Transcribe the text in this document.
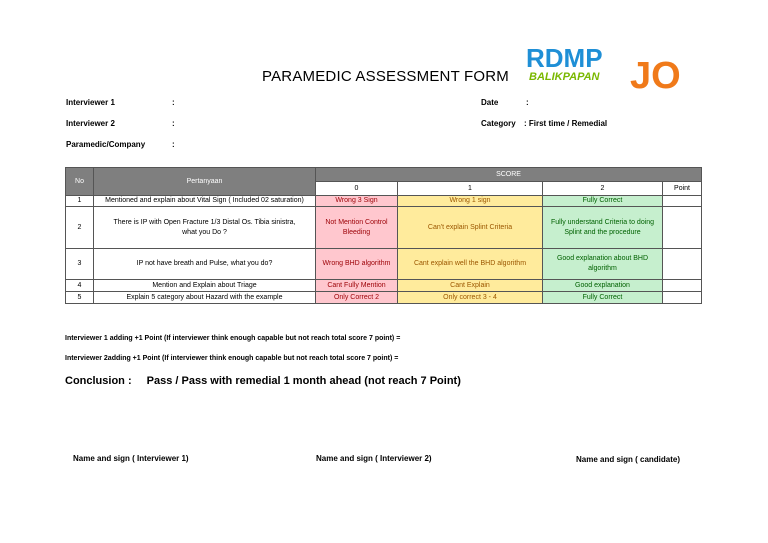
PARAMEDIC ASSESSMENT FORM
RDMP
BALIKPAPAN JO
Interviewer 1	:
Interviewer 2	:
Paramedic/Company	:
Date	:
Category : First time / Remedial
No	Pertanyaan	SCORE			
		0	1	2	Point
1	Mentioned and explain about Vital Sign ( Included 02 saturation)	Wrong 3 Sign	Wrong 1 sign	Fully Correct	
2	There is IP with Open Fracture 1/3 Distal Os. Tibia sinistra, what you Do ?	Not Mention Control Bleeding	Can't explain Splint Criteria	Fully understand Criteria to doing Splint and the procedure	
3	IP not have breath and Pulse, what you do?	Wrong BHD algorithm	Cant explain well the BHD algorithm	Good explanation about BHD algorithm	
4	Mention and Explain about Triage	Cant Fully Mention	Cant Explain	Good explanation	
5	Explain 5 category about Hazard with the example	Only Correct 2	Only correct 3 - 4	Fully Correct	
Interviewer 1 adding +1 Point (If interviewer think enough capable but not reach total score 7 point) =
Interviewer 2adding +1 Point (If interviewer think enough capable but not reach total score 7 point) =
Conclusion : Pass / Pass with remedial 1 month ahead (not reach 7 Point)
Name and sign ( Interviewer 1)	Name and sign ( Interviewer 2)	Name and sign ( candidate)
